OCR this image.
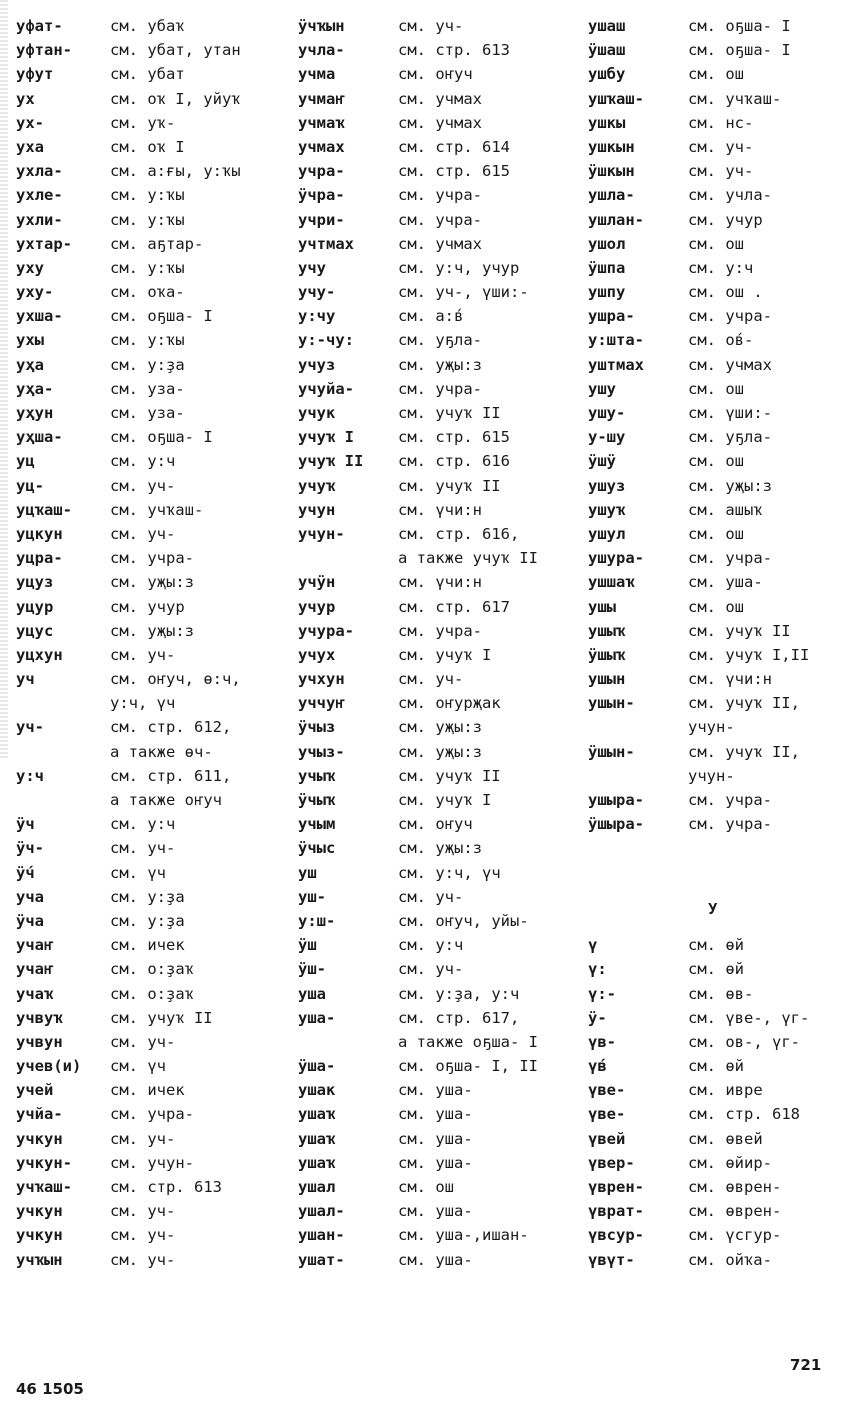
уфат-	см. убаҡ
уфтан-	см. убат, утан
уфут	см. убат
ух	см. оҡ I, уйуҡ
ух-	см. уҡ-
уха	см. оҡ I
ухла-	см. а:ғы, у:ҡы
ухле-	см. у:ҡы
ухли-	см. у:ҡы
ухтар-	см. аҕтар-
уху	см. у:ҡы
уху-	см. оҡа-
ухша-	см. оҕша- I
ухы	см. у:ҡы
уҳа	см. у:ҙа
уҳа-	см. уза-
уҳун	см. уза-
уҳша-	см. оҕша- I
уц	см. у:ч
уц-	см. уч-
уцҡаш-	см. учҡаш-
уцкун	см. уч-
уцра-	см. учра-
уцуз	см. уҗы:з
уцур	см. учур
уцус	см. уҗы:з
уцхун	см. уч-
уч	см. оҥуч, ө:ч,
у:ч, үч
уч-	см. стр. 612,
а также өч-
у:ч	см. стр. 611,
а также оҥуч
ӱч	см. у:ч
ӱч-	см. уч-
ӱч́	см. үч
уча	см. у:ҙа
ӱча	см. у:ҙа
учаҥ	см. ичек
учаҥ	см. о:ҙаҡ
учаҡ	см. о:ҙаҡ
учвуҡ	см. учуҡ II
учвун	см. уч-
учев(и)	см. үч
учей	см. ичек
учйа-	см. учра-
учкун	см. уч-
учкун-	см. учун-
учҡаш-	см. стр. 613
учкун	см. уч-
учкун	см. уч-
учҡын	см. уч-
ӱчҡын	см. уч-
учла-	см. стр. 613
учма	см. оҥуч
учмаҥ	см. учмах
учмаҡ	см. учмах
учмах	см. стр. 614
учра-	см. стр. 615
ӱчра-	см. учра-
учри-	см. учра-
учтмах	см. учмах
учу	см. у:ч, учур
учу-	см. уч-, үши:-
у:чу	см. а:в́
у:-чу:	см. уҕла-
учуз	см. уҗы:з
учуйа-	см. учра-
учук	см. учуҡ II
учуҡ I	см. стр. 615
учуҡ II	см. стр. 616
учуҡ	см. учуҡ II
учун	см. үчи:н
учун-	см. стр. 616,
а также учуҡ II
учӱн	см. үчи:н
учур	см. стр. 617
учура-	см. учра-
учух	см. учуҡ I
учхун	см. уч-
уччуҥ	см. оҥурҗак
ӱчыз	см. уҗы:з
учыз-	см. уҗы:з
учыҡ	см. учуҡ II
ӱчыҡ	см. учуҡ I
учым	см. оҥуч
ӱчыс	см. уҗы:з
уш	см. у:ч, үч
уш-	см. уч-
у:ш-	см. оҥуч, уйы-
ӱш	см. у:ч
ӱш-	см. уч-
уша	см. у:ҙа, у:ч
уша-	см. стр. 617,
а также оҕша- I
ӱша-	см. оҕша- I, II
ушак	см. уша-
ушаҡ	см. уша-
ушаҡ	см. уша-
ушаҡ	см. уша-
ушал	см. ош
ушал-	см. уша-
ушан-	см. уша-,ишан-
ушат-	см. уша-
ушаш	см. оҕша- I
ӱшаш	см. оҕша- I
ушбу	см. ош
ушҡаш-	см. учҡаш-
ушкы	см. нс-
ушкын	см. уч-
ӱшкын	см. уч-
ушла-	см. учла-
ушлан-	см. учур
ушол	см. ош
ӱшпа	см. у:ч
ушпу	см. ош .
ушра-	см. учра-
у:шта-	см. ов́-
уштмах	см. учмах
ушу	см. ош
ушу-	см. үши:-
у-шу	см. уҕла-
ӱшӱ	см. ош
ушуз	см. уҗы:з
ушуҡ	см. ашыҡ
ушул	см. ош
ушура-	см. учра-
ушшаҡ	см. уша-
ушы	см. ош
ушыҡ	см. учуҡ II
ӱшыҡ	см. учуҡ I,II
ушын	см. үчи:н
ушын-	см. учуҡ II,
учун-
ӱшын-	см. учуҡ II,
учун-
ушыра-	см. учра-
ӱшыра-	см. учра-
ү	см. өй
ү:	см. өй
ү:-	см. өв-
ӱ-	см. үве-, үг-
үв-	см. ов-, үг-
үв́	см. өй
үве-	см. ивре
үве-	см. стр. 618
үвей	см. өвей
үвер-	см. өйир-
үврен-	см. өврен-
үврат-	см. өврен-
үвсур-	см. үсгур-
үвүт-	см. ойҡа-
У
721
46 1505
